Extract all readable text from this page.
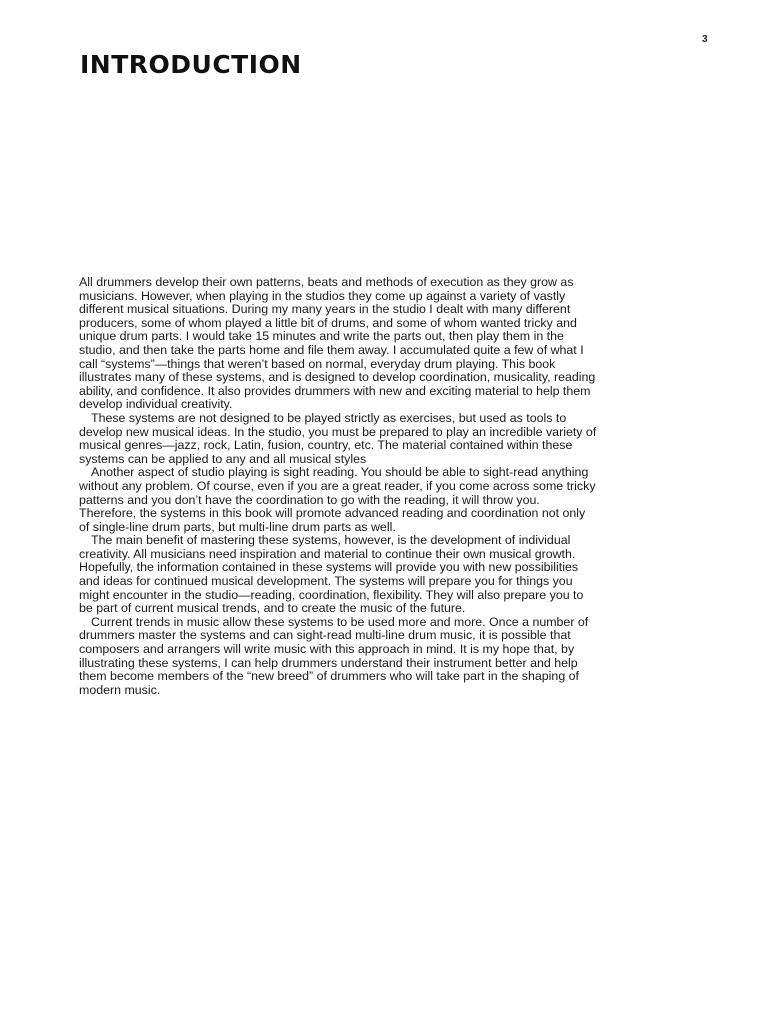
3
INTRODUCTION

All drummers develop their own patterns, beats and methods of execution as they grow as musicians. However, when playing in the studios they come up against a variety of vastly different musical situations. During my many years in the studio I dealt with many different producers, some of whom played a little bit of drums, and some of whom wanted tricky and unique drum parts. I would take 15 minutes and write the parts out, then play them in the studio, and then take the parts home and file them away. I accumulated quite a few of what I call “systems”—things that weren’t based on normal, everyday drum playing. This book illustrates many of these systems, and is designed to develop coordination, musicality, reading ability, and confidence. It also provides drummers with new and exciting material to help them develop individual creativity.

These systems are not designed to be played strictly as exercises, but used as tools to develop new musical ideas. In the studio, you must be prepared to play an incredible variety of musical genres—jazz, rock, Latin, fusion, country, etc. The material contained within these systems can be applied to any and all musical styles

Another aspect of studio playing is sight reading. You should be able to sight-read anything without any problem. Of course, even if you are a great reader, if you come across some tricky patterns and you don’t have the coordination to go with the reading, it will throw you. Therefore, the systems in this book will promote advanced reading and coordination not only of single-line drum parts, but multi-line drum parts as well.

The main benefit of mastering these systems, however, is the development of individual creativity. All musicians need inspiration and material to continue their own musical growth. Hopefully, the information contained in these systems will provide you with new possibilities and ideas for continued musical development. The systems will prepare you for things you might encounter in the studio—reading, coordination, flexibility. They will also prepare you to be part of current musical trends, and to create the music of the future.

Current trends in music allow these systems to be used more and more. Once a number of drummers master the systems and can sight-read multi-line drum music, it is possible that composers and arrangers will write music with this approach in mind. It is my hope that, by illustrating these systems, I can help drummers understand their instrument better and help them become members of the “new breed” of drummers who will take part in the shaping of modern music.
